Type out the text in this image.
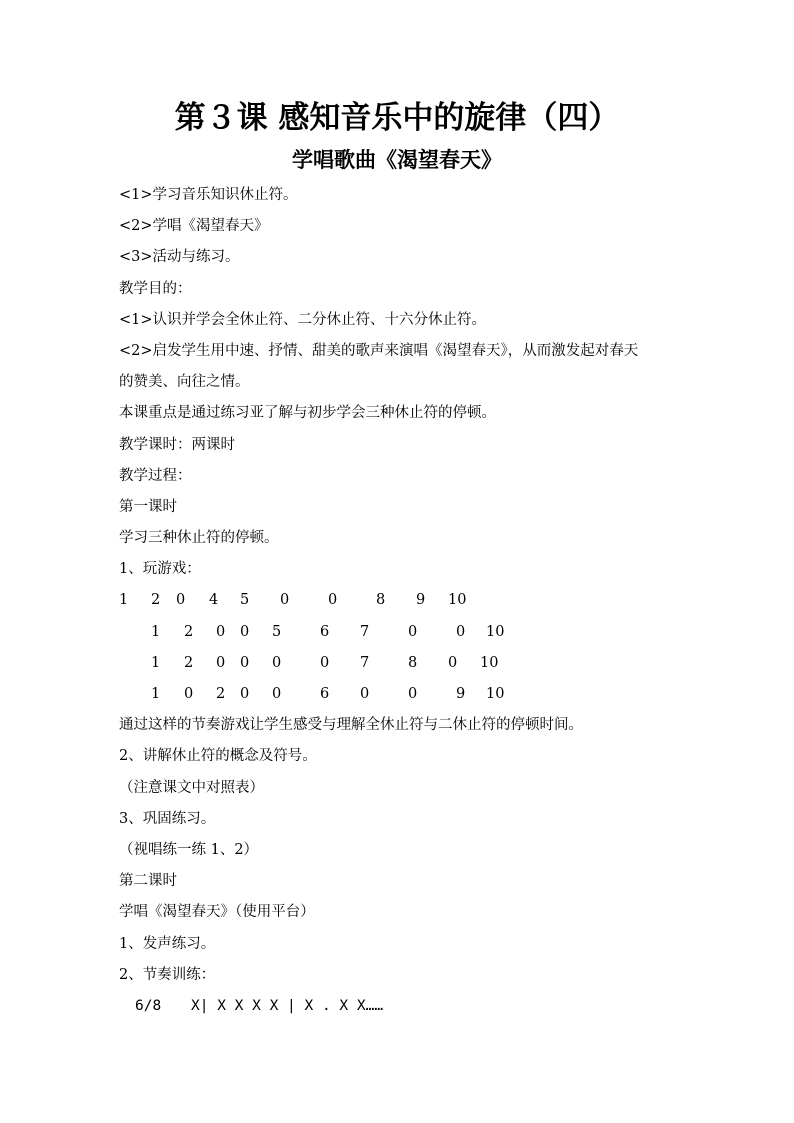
第３课 感知音乐中的旋律（四）
学唱歌曲《渴望春天》
<1>学习音乐知识休止符。
<2>学唱《渴望春天》
<3>活动与练习。
教学目的：
<1>认识并学会全休止符、二分休止符、十六分休止符。
<2>启发学生用中速、抒情、甜美的歌声来演唱《渴望春天》，从而激发起对春天
的赞美、向往之情。
本课重点是通过练习亚了解与初步学会三种休止符的停顿。
教学课时：两课时
教学过程：
第一课时
学习三种休止符的停顿。
1、玩游戏：
1 2 0 4 5 0	0	8 9 10
1 2 0 0 5	6 7	0	0 10
1 2 0 0 0	0 7	8 0 10
1 0 2 0 0	6 0	0	9 10
通过这样的节奏游戏让学生感受与理解全休止符与二休止符的停顿时间。
2、讲解休止符的概念及符号。
（注意课文中对照表）
3、巩固练习。
（视唱练一练 1、2）
第二课时
学唱《渴望春天》（使用平台）
1、发声练习。
2、节奏训练：
6/8 X| X X X X | X . X X……
